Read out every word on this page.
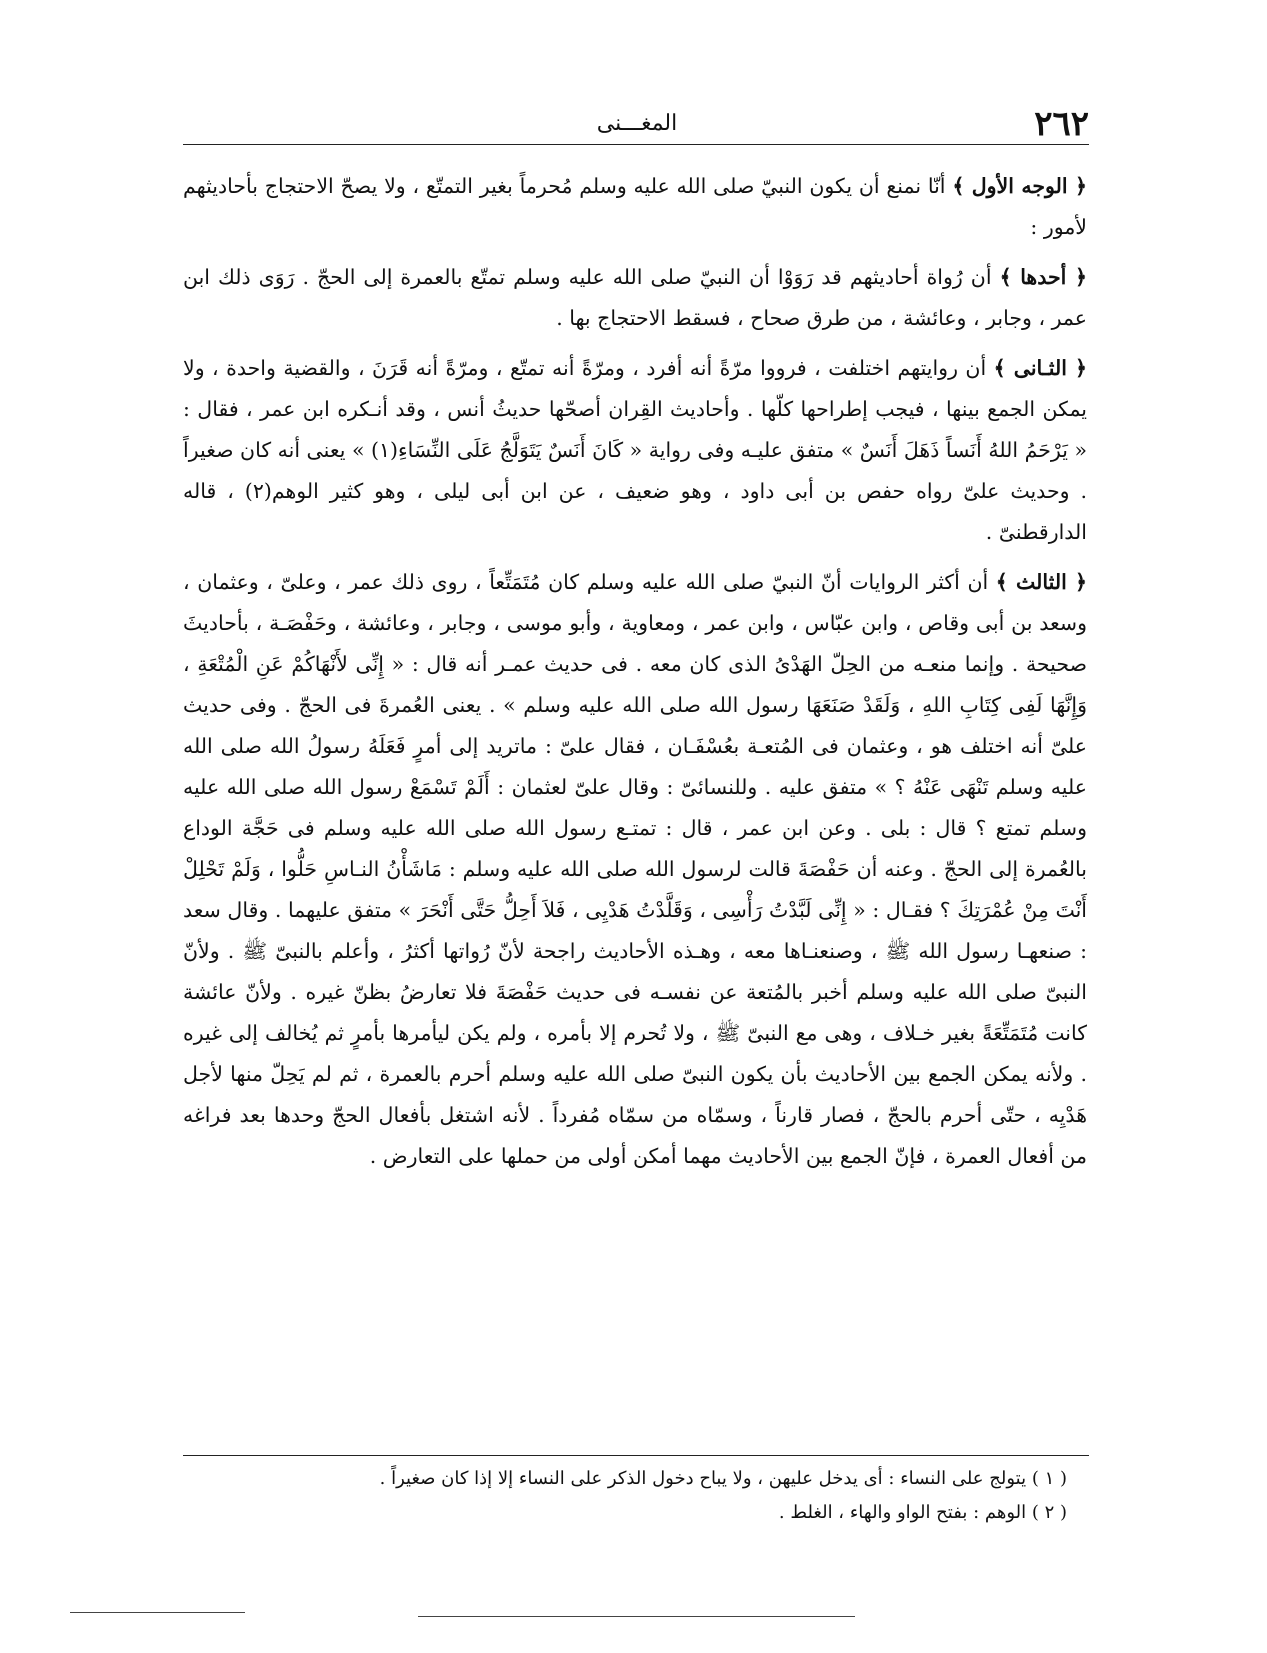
٢٦٢
المغـــنى

﴿ الوجه الأول ﴾ أنّا نمنع أن يكون النبيّ صلى الله عليه وسلم مُحرماً بغير التمتّع ، ولا يصحّ الاحتجاج بأحاديثهم لأمور :

﴿ أحدها ﴾ أن رُواة أحاديثهم قد رَوَوْا أن النبيّ صلى الله عليه وسلم تمتّع بالعمرة إلى الحجّ . رَوَى ذلك ابن عمر ، وجابر ، وعائشة ، من طرق صحاح ، فسقط الاحتجاج بها .

﴿ الثـانى ﴾ أن روايتهم اختلفت ، فرووا مرّةً أنه أفرد ، ومرّةً أنه تمتّع ، ومرّةً أنه قَرَنَ ، والقضية واحدة ، ولا يمكن الجمع بينها ، فيجب إطراحها كلّها . وأحاديث القِران أصحّها حديثُ أنس ، وقد أنـكره ابن عمر ، فقال : « يَرْحَمُ اللهُ أَنَساً ذَهَلَ أَنَسٌ » متفق عليـه وفى رواية « كَانَ أَنَسٌ يَتَوَلَّجُ عَلَى النِّسَاءِ(١) » يعنى أنه كان صغيراً . وحديث علىّ رواه حفص بن أبى داود ، وهو ضعيف ، عن ابن أبى ليلى ، وهو كثير الوهم(٢) ، قاله الدارقطنىّ .

﴿ الثالث ﴾ أن أكثر الروايات أنّ النبيّ صلى الله عليه وسلم كان مُتَمَتِّعاً ، روى ذلك عمر ، وعلىّ ، وعثمان ، وسعد بن أبى وقاص ، وابن عبّاس ، وابن عمر ، ومعاوية ، وأبو موسى ، وجابر ، وعائشة ، وحَفْصَـة ، بأحاديثَ صحيحة . وإنما منعـه من الحِلّ الهَدْىُ الذى كان معه . فى حديث عمـر أنه قال : « إِنِّى لأَنْهَاكُمْ عَنِ الْمُتْعَةِ ، وَإِنَّهَا لَفِى كِتَابِ اللهِ ، وَلَقَدْ صَنَعَهَا رسول الله صلى الله عليه وسلم » . يعنى العُمرةَ فى الحجّ . وفى حديث علىّ أنه اختلف هو ، وعثمان فى المُتعـة بعُسْفَـان ، فقال علىّ : ماتريد إلى أمرٍ فَعَلَهُ رسولُ الله صلى الله عليه وسلم تَنْهَى عَنْهُ ؟ » متفق عليه . وللنسائىّ : وقال علىّ لعثمان : أَلَمْ تَسْمَعْ رسول الله صلى الله عليه وسلم تمتع ؟ قال : بلى . وعن ابن عمر ، قال : تمتـع رسول الله صلى الله عليه وسلم فى حَجَّة الوداع بالعُمرة إلى الحجّ . وعنه أن حَفْصَةَ قالت لرسول الله صلى الله عليه وسلم : مَاشَأْنُ النـاسِ حَلُّوا ، وَلَمْ تَحْلِلْ أَنْتَ مِنْ عُمْرَتِكَ ؟ فقـال : « إِنِّى لَبَّدْتُ رَأْسِى ، وَقَلَّدْتُ هَدْيِى ، فَلاَ أَحِلُّ حَتَّى أَنْحَرَ » متفق عليهما . وقال سعد : صنعهـا رسول الله ﷺ ، وصنعنـاها معه ، وهـذه الأحاديث راجحة لأنّ رُواتها أكثرُ ، وأعلم بالنبىّ ﷺ . ولأنّ النبىّ صلى الله عليه وسلم أخبر بالمُتعة عن نفسـه فى حديث حَفْصَةَ فلا تعارضُ بظنّ غيره . ولأنّ عائشة كانت مُتَمَتِّعَةً بغير خـلاف ، وهى مع النبىّ ﷺ ، ولا تُحرم إلا بأمره ، ولم يكن ليأمرها بأمرٍ ثم يُخالف إلى غيره . ولأنه يمكن الجمع بين الأحاديث بأن يكون النبىّ صلى الله عليه وسلم أحرم بالعمرة ، ثم لم يَحِلّ منها لأجل هَدْيِه ، حتّى أحرم بالحجّ ، فصار قارناً ، وسمّاه من سمّاه مُفرداً . لأنه اشتغل بأفعال الحجّ وحدها بعد فراغه من أفعال العمرة ، فإنّ الجمع بين الأحاديث مهما أمكن أولى من حملها على التعارض .

( ١ ) يتولج على النساء : أى يدخل عليهن ، ولا يباح دخول الذكر على النساء إلا إذا كان صغيراً .

( ٢ ) الوهم : بفتح الواو والهاء ، الغلط .
